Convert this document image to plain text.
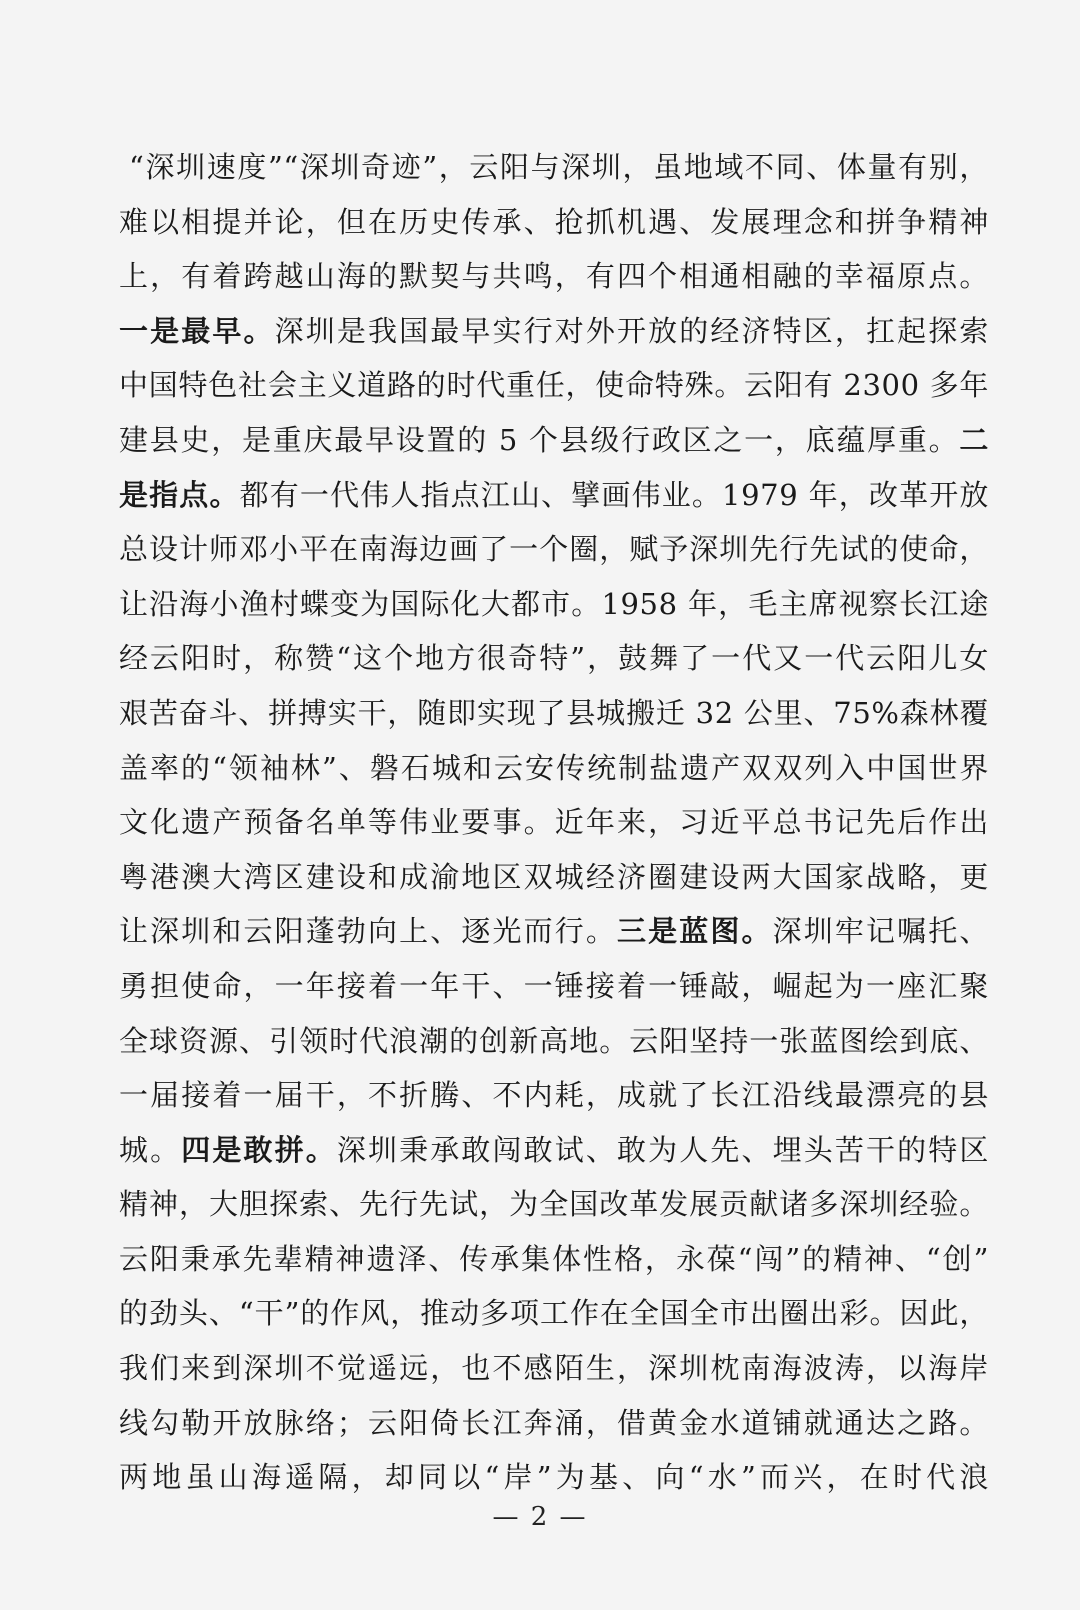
“深圳速度”“深圳奇迹”，云阳与深圳，虽地域不同、体量有别，
难以相提并论，但在历史传承、抢抓机遇、发展理念和拼争精神
上，有着跨越山海的默契与共鸣，有四个相通相融的幸福原点。
一是最早。深圳是我国最早实行对外开放的经济特区，扛起探索
中国特色社会主义道路的时代重任，使命特殊。云阳有 2300 多年
建县史，是重庆最早设置的 5 个县级行政区之一，底蕴厚重。二
是指点。都有一代伟人指点江山、擘画伟业。1979 年，改革开放
总设计师邓小平在南海边画了一个圈，赋予深圳先行先试的使命，
让沿海小渔村蝶变为国际化大都市。1958 年，毛主席视察长江途
经云阳时，称赞“这个地方很奇特”，鼓舞了一代又一代云阳儿女
艰苦奋斗、拼搏实干，随即实现了县城搬迁 32 公里、75%森林覆
盖率的“领袖林”、磐石城和云安传统制盐遗产双双列入中国世界
文化遗产预备名单等伟业要事。近年来，习近平总书记先后作出
粤港澳大湾区建设和成渝地区双城经济圈建设两大国家战略，更
让深圳和云阳蓬勃向上、逐光而行。三是蓝图。深圳牢记嘱托、
勇担使命，一年接着一年干、一锤接着一锤敲，崛起为一座汇聚
全球资源、引领时代浪潮的创新高地。云阳坚持一张蓝图绘到底、
一届接着一届干，不折腾、不内耗，成就了长江沿线最漂亮的县
城。四是敢拼。深圳秉承敢闯敢试、敢为人先、埋头苦干的特区
精神，大胆探索、先行先试，为全国改革发展贡献诸多深圳经验。
云阳秉承先辈精神遗泽、传承集体性格，永葆“闯”的精神、“创”
的劲头、“干”的作风，推动多项工作在全国全市出圈出彩。因此，
我们来到深圳不觉遥远，也不感陌生，深圳枕南海波涛，以海岸
线勾勒开放脉络；云阳倚长江奔涌，借黄金水道铺就通达之路。
两地虽山海遥隔，却同以“岸”为基、向“水”而兴，在时代浪
— 2 —
